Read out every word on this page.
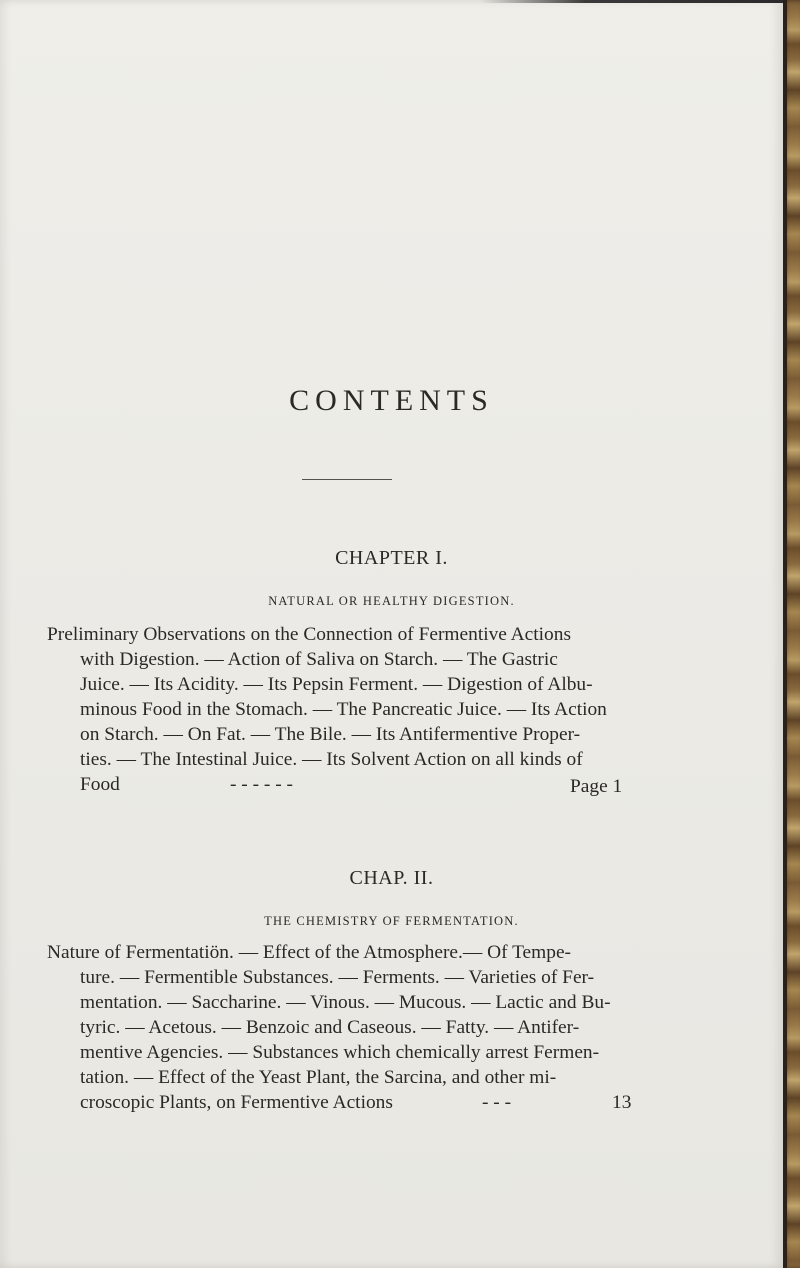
CONTENTS
CHAPTER I.
NATURAL OR HEALTHY DIGESTION.
Preliminary Observations on the Connection of Fermentive Actions
with Digestion. — Action of Saliva on Starch. — The Gastric
Juice. — Its Acidity. — Its Pepsin Ferment. — Digestion of Albu-
minous Food in the Stomach. — The Pancreatic Juice. — Its Action
on Starch. — On Fat. — The Bile. — Its Antifermentive Proper-
ties. — The Intestinal Juice. — Its Solvent Action on all kinds of
Food	- - - - - -	Page 1
CHAP. II.
THE CHEMISTRY OF FERMENTATION.
Nature of Fermentatiön. — Effect of the Atmosphere.— Of Tempe-
ture. — Fermentible Substances. — Ferments. — Varieties of Fer-
mentation. — Saccharine. — Vinous. — Mucous. — Lactic and Bu-
tyric. — Acetous. — Benzoic and Caseous. — Fatty. — Antifer-
mentive Agencies. — Substances which chemically arrest Fermen-
tation. — Effect of the Yeast Plant, the Sarcina, and other mi-
croscopic Plants, on Fermentive Actions	- - -	13
